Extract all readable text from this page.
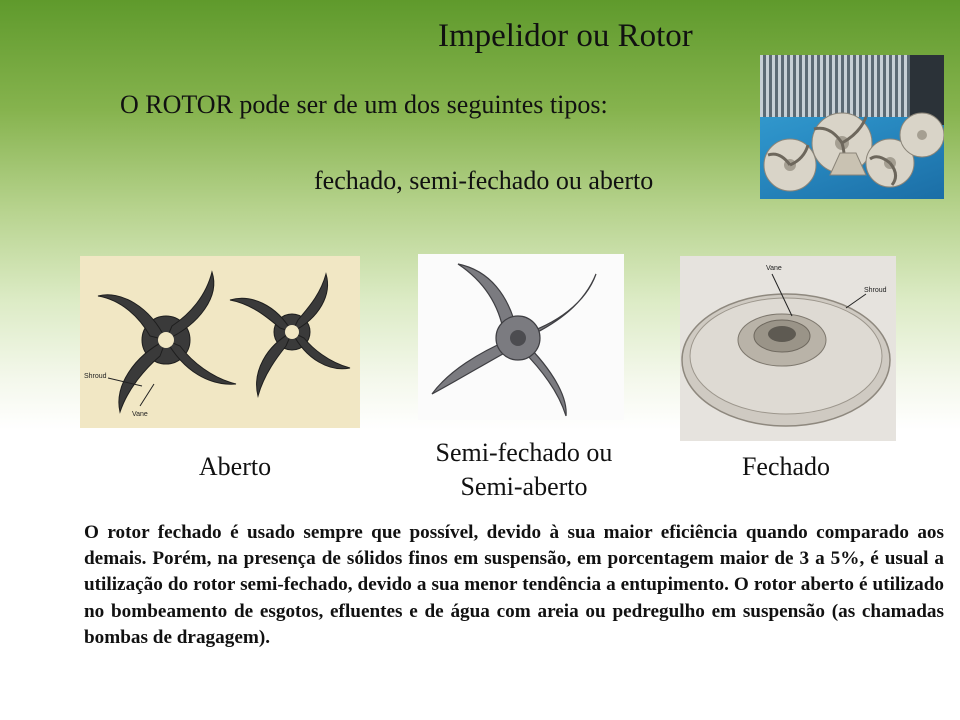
Impelidor ou Rotor
O ROTOR pode ser de um dos seguintes tipos:
fechado, semi-fechado ou aberto
Shroud
Vane
Vane
Shroud
Aberto	Semi-fechado ou
Semi-aberto
Fechado
O rotor fechado é usado sempre que possível, devido à sua maior eficiência quando comparado aos demais. Porém, na presença de sólidos finos em suspensão, em porcentagem maior de 3 a 5%, é usual a utilização do rotor semi-fechado, devido a sua menor tendência a entupimento. O rotor aberto é utilizado no bombeamento de esgotos, efluentes e de água com areia ou pedregulho em suspensão (as chamadas bombas de dragagem).
